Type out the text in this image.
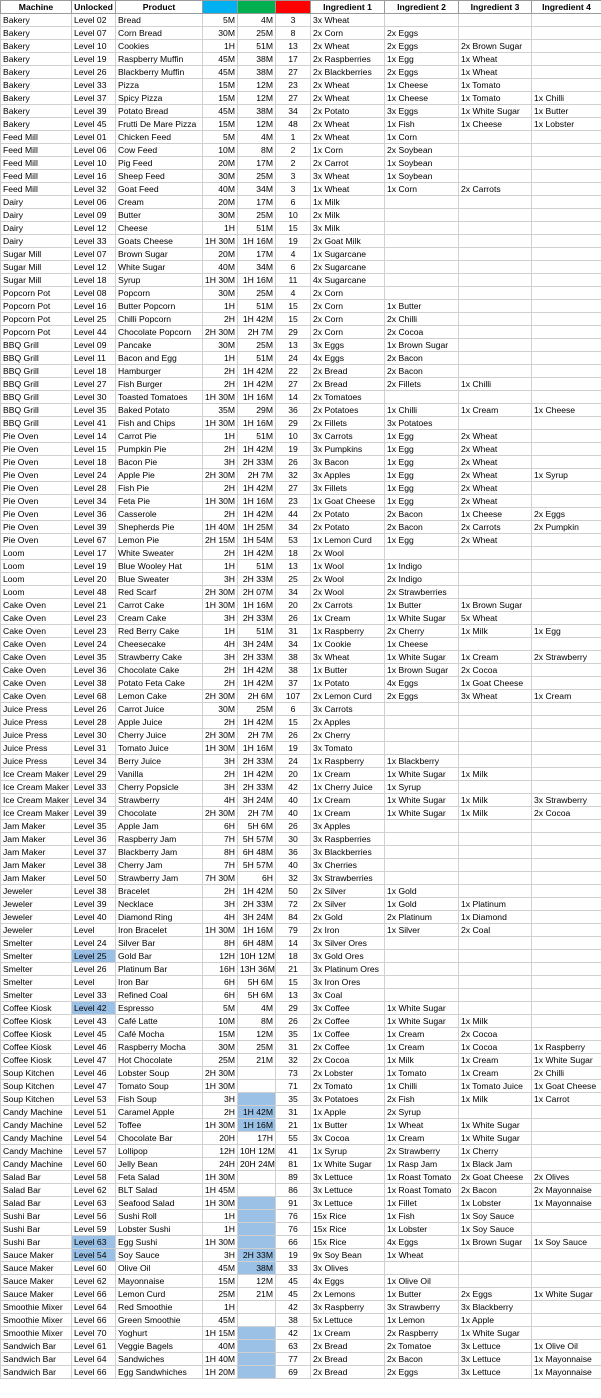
Machine	Unlocked	Product				Ingredient 1	Ingredient 2	Ingredient 3	Ingredient 4
Bakery	Level 02	Bread	5M	4M	3	3x Wheat			
Bakery	Level 07	Corn Bread	30M	25M	8	2x Corn	2x Eggs		
Bakery	Level 10	Cookies	1H	51M	13	2x Wheat	2x Eggs	2x Brown Sugar	
Bakery	Level 19	Raspberry Muffin	45M	38M	17	2x Raspberries	1x Egg	1x Wheat	
Bakery	Level 26	Blackberry Muffin	45M	38M	27	2x Blackberries	2x Eggs	1x Wheat	
Bakery	Level 33	Pizza	15M	12M	23	2x Wheat	1x Cheese	1x Tomato	
Bakery	Level 37	Spicy Pizza	15M	12M	27	2x Wheat	1x Cheese	1x Tomato	1x Chilli
Bakery	Level 39	Potato Bread	45M	38M	34	2x Potato	3x Eggs	1x White Sugar	1x Butter
Bakery	Level 45	Frutti De Mare Pizza	15M	12M	48	2x Wheat	1x Fish	1x Cheese	1x Lobster
Feed Mill	Level 01	Chicken Feed	5M	4M	1	2x Wheat	1x Corn		
Feed Mill	Level 06	Cow Feed	10M	8M	2	1x Corn	2x Soybean		
Feed Mill	Level 10	Pig Feed	20M	17M	2	2x Carrot	1x Soybean		
Feed Mill	Level 16	Sheep Feed	30M	25M	3	3x Wheat	1x Soybean		
Feed Mill	Level 32	Goat Feed	40M	34M	3	1x Wheat	1x Corn	2x Carrots	
Dairy	Level 06	Cream	20M	17M	6	1x Milk			
Dairy	Level 09	Butter	30M	25M	10	2x Milk			
Dairy	Level 12	Cheese	1H	51M	15	3x Milk			
Dairy	Level 33	Goats Cheese	1H 30M	1H 16M	19	2x Goat Milk			
Sugar Mill	Level 07	Brown Sugar	20M	17M	4	1x Sugarcane			
Sugar Mill	Level 12	White Sugar	40M	34M	6	2x Sugarcane			
Sugar Mill	Level 18	Syrup	1H 30M	1H 16M	11	4x Sugarcane			
Popcorn Pot	Level 08	Popcorn	30M	25M	4	2x Corn			
Popcorn Pot	Level 16	Butter Popcorn	1H	51M	15	2x Corn	1x Butter		
Popcorn Pot	Level 25	Chilli Popcorn	2H	1H 42M	15	2x Corn	2x Chilli		
Popcorn Pot	Level 44	Chocolate Popcorn	2H 30M	2H 7M	29	2x Corn	2x Cocoa		
BBQ Grill	Level 09	Pancake	30M	25M	13	3x Eggs	1x Brown Sugar		
BBQ Grill	Level 11	Bacon and Egg	1H	51M	24	4x Eggs	2x Bacon		
BBQ Grill	Level 18	Hamburger	2H	1H 42M	22	2x Bread	2x Bacon		
BBQ Grill	Level 27	Fish Burger	2H	1H 42M	27	2x Bread	2x Fillets	1x Chilli	
BBQ Grill	Level 30	Toasted Tomatoes	1H 30M	1H 16M	14	2x Tomatoes			
BBQ Grill	Level 35	Baked Potato	35M	29M	36	2x Potatoes	1x Chilli	1x Cream	1x Cheese
BBQ Grill	Level 41	Fish and Chips	1H 30M	1H 16M	29	2x Fillets	3x Potatoes		
Pie Oven	Level 14	Carrot Pie	1H	51M	10	3x Carrots	1x Egg	2x Wheat	
Pie Oven	Level 15	Pumpkin Pie	2H	1H 42M	19	3x Pumpkins	1x Egg	2x Wheat	
Pie Oven	Level 18	Bacon Pie	3H	2H 33M	26	3x Bacon	1x Egg	2x Wheat	
Pie Oven	Level 24	Apple Pie	2H 30M	2H 7M	32	3x Apples	1x Egg	2x Wheat	1x Syrup
Pie Oven	Level 28	Fish Pie	2H	1H 42M	27	3x Fillets	1x Egg	2x Wheat	
Pie Oven	Level 34	Feta Pie	1H 30M	1H 16M	23	1x Goat Cheese	1x Egg	2x Wheat	
Pie Oven	Level 36	Casserole	2H	1H 42M	44	2x Potato	2x Bacon	1x Cheese	2x Eggs
Pie Oven	Level 39	Shepherds Pie	1H 40M	1H 25M	34	2x Potato	2x Bacon	2x Carrots	2x Pumpkin
Pie Oven	Level 67	Lemon Pie	2H 15M	1H 54M	53	1x Lemon Curd	1x Egg	2x Wheat	
Loom	Level 17	White Sweater	2H	1H 42M	18	2x Wool			
Loom	Level 19	Blue Wooley Hat	1H	51M	13	1x Wool	1x Indigo		
Loom	Level 20	Blue Sweater	3H	2H 33M	25	2x Wool	2x Indigo		
Loom	Level 48	Red Scarf	2H 30M	2H 07M	34	2x Wool	2x Strawberries		
Cake Oven	Level 21	Carrot Cake	1H 30M	1H 16M	20	2x Carrots	1x Butter	1x Brown Sugar	
Cake Oven	Level 23	Cream Cake	3H	2H 33M	26	1x Cream	1x White Sugar	5x Wheat	
Cake Oven	Level 23	Red Berry Cake	1H	51M	31	1x Raspberry	2x Cherry	1x Milk	1x Egg
Cake Oven	Level 24	Cheesecake	4H	3H 24M	34	1x Cookie	1x Cheese		
Cake Oven	Level 35	Strawberry Cake	3H	2H 33M	38	3x Wheat	1x White Sugar	1x Cream	2x Strawberry
Cake Oven	Level 36	Chocolate Cake	2H	1H 42M	38	1x Butter	1x Brown Sugar	2x Cocoa	
Cake Oven	Level 38	Potato Feta Cake	2H	1H 42M	37	1x Potato	4x Eggs	1x Goat Cheese	
Cake Oven	Level 68	Lemon Cake	2H 30M	2H 6M	107	2x Lemon Curd	2x Eggs	3x Wheat	1x Cream
Juice Press	Level 26	Carrot Juice	30M	25M	6	3x Carrots			
Juice Press	Level 28	Apple Juice	2H	1H 42M	15	2x Apples			
Juice Press	Level 30	Cherry Juice	2H 30M	2H 7M	26	2x Cherry			
Juice Press	Level 31	Tomato Juice	1H 30M	1H 16M	19	3x Tomato			
Juice Press	Level 34	Berry Juice	3H	2H 33M	24	1x Raspberry	1x Blackberry		
Ice Cream Maker	Level 29	Vanilla	2H	1H 42M	20	1x Cream	1x White Sugar	1x Milk	
Ice Cream Maker	Level 33	Cherry Popsicle	3H	2H 33M	42	1x Cherry Juice	1x Syrup		
Ice Cream Maker	Level 34	Strawberry	4H	3H 24M	40	1x Cream	1x White Sugar	1x Milk	3x Strawberry
Ice Cream Maker	Level 39	Chocolate	2H 30M	2H 7M	40	1x Cream	1x White Sugar	1x Milk	2x Cocoa
Jam Maker	Level 35	Apple Jam	6H	5H 6M	26	3x Apples			
Jam Maker	Level 36	Raspberry Jam	7H	5H 57M	30	3x Raspberries			
Jam Maker	Level 37	Blackberry Jam	8H	6H 48M	36	3x Blackberries			
Jam Maker	Level 38	Cherry Jam	7H	5H 57M	40	3x Cherries			
Jam Maker	Level 50	Strawberry Jam	7H 30M	6H	32	3x Strawberries			
Jeweler	Level 38	Bracelet	2H	1H 42M	50	2x Silver	1x Gold		
Jeweler	Level 39	Necklace	3H	2H 33M	72	2x Silver	1x Gold	1x Platinum	
Jeweler	Level 40	Diamond Ring	4H	3H 24M	84	2x Gold	2x Platinum	1x Diamond	
Jeweler	Level	Iron Bracelet	1H 30M	1H 16M	79	2x Iron	1x Silver	2x Coal	
Smelter	Level 24	Silver Bar	8H	6H 48M	14	3x Silver Ores			
Smelter	Level 25	Gold Bar	12H	10H 12M	18	3x Gold Ores			
Smelter	Level 26	Platinum Bar	16H	13H 36M	21	3x Platinum Ores			
Smelter	Level	Iron Bar	6H	5H 6M	15	3x Iron Ores			
Smelter	Level 33	Refined Coal	6H	5H 6M	13	3x Coal			
Coffee Kiosk	Level 42	Espresso	5M	4M	29	3x Coffee	1x White Sugar		
Coffee Kiosk	Level 43	Café Latte	10M	8M	26	2x Coffee	1x White Sugar	1x Milk	
Coffee Kiosk	Level 45	Café Mocha	15M	12M	35	1x Coffee	1x Cream	2x Cocoa	
Coffee Kiosk	Level 46	Raspberry Mocha	30M	25M	31	2x Coffee	1x Cream	1x Cocoa	1x Raspberry
Coffee Kiosk	Level 47	Hot Chocolate	25M	21M	32	2x Cocoa	1x Milk	1x Cream	1x White Sugar
Soup Kitchen	Level 46	Lobster Soup	2H 30M		73	2x Lobster	1x Tomato	1x Cream	2x Chilli
Soup Kitchen	Level 47	Tomato Soup	1H 30M		71	2x Tomato	1x Chilli	1x Tomato Juice	1x Goat Cheese
Soup Kitchen	Level 53	Fish Soup	3H		35	3x Potatoes	2x Fish	1x Milk	1x Carrot
Candy Machine	Level 51	Caramel Apple	2H	1H 42M	31	1x Apple	2x Syrup		
Candy Machine	Level 52	Toffee	1H 30M	1H 16M	21	1x Butter	1x Wheat	1x White Sugar	
Candy Machine	Level 54	Chocolate Bar	20H	17H	55	3x Cocoa	1x Cream	1x White Sugar	
Candy Machine	Level 57	Lollipop	12H	10H 12M	41	1x Syrup	2x Strawberry	1x Cherry	
Candy Machine	Level 60	Jelly Bean	24H	20H 24M	81	1x White Sugar	1x Rasp Jam	1x Black Jam	
Salad Bar	Level 58	Feta Salad	1H 30M		89	3x Lettuce	1x Roast Tomato	2x Goat Cheese	2x Olives
Salad Bar	Level 62	BLT Salad	1H 45M		86	3x Lettuce	1x Roast Tomato	2x Bacon	2x Mayonnaise
Salad Bar	Level 63	Seafood Salad	1H 30M		91	3x Lettuce	1x Fillet	1x Lobster	1x Mayonnaise
Sushi Bar	Level 56	Sushi Roll	1H		76	15x Rice	1x Fish	1x Soy Sauce	
Sushi Bar	Level 59	Lobster Sushi	1H		76	15x Rice	1x Lobster	1x Soy Sauce	
Sushi Bar	Level 63	Egg Sushi	1H 30M		66	15x Rice	4x Eggs	1x Brown Sugar	1x Soy Sauce
Sauce Maker	Level 54	Soy Sauce	3H	2H 33M	19	9x Soy Bean	1x Wheat		
Sauce Maker	Level 60	Olive Oil	45M	38M	33	3x Olives			
Sauce Maker	Level 62	Mayonnaise	15M	12M	45	4x Eggs	1x Olive Oil		
Sauce Maker	Level 66	Lemon Curd	25M	21M	45	2x Lemons	1x Butter	2x Eggs	1x White Sugar
Smoothie Mixer	Level 64	Red Smoothie	1H		42	3x Raspberry	3x Strawberry	3x Blackberry	
Smoothie Mixer	Level 66	Green Smoothie	45M		38	5x Lettuce	1x Lemon	1x Apple	
Smoothie Mixer	Level 70	Yoghurt	1H 15M		42	1x Cream	2x Raspberry	1x White Sugar	
Sandwich Bar	Level 61	Veggie Bagels	40M		63	2x Bread	2x Tomatoe	3x Lettuce	1x Olive Oil
Sandwich Bar	Level 64	Sandwiches	1H 40M		77	2x Bread	2x Bacon	3x Lettuce	1x Mayonnaise
Sandwich Bar	Level 66	Egg Sandwhiches	1H 20M		69	2x Bread	2x Eggs	3x Lettuce	1x Mayonnaise
